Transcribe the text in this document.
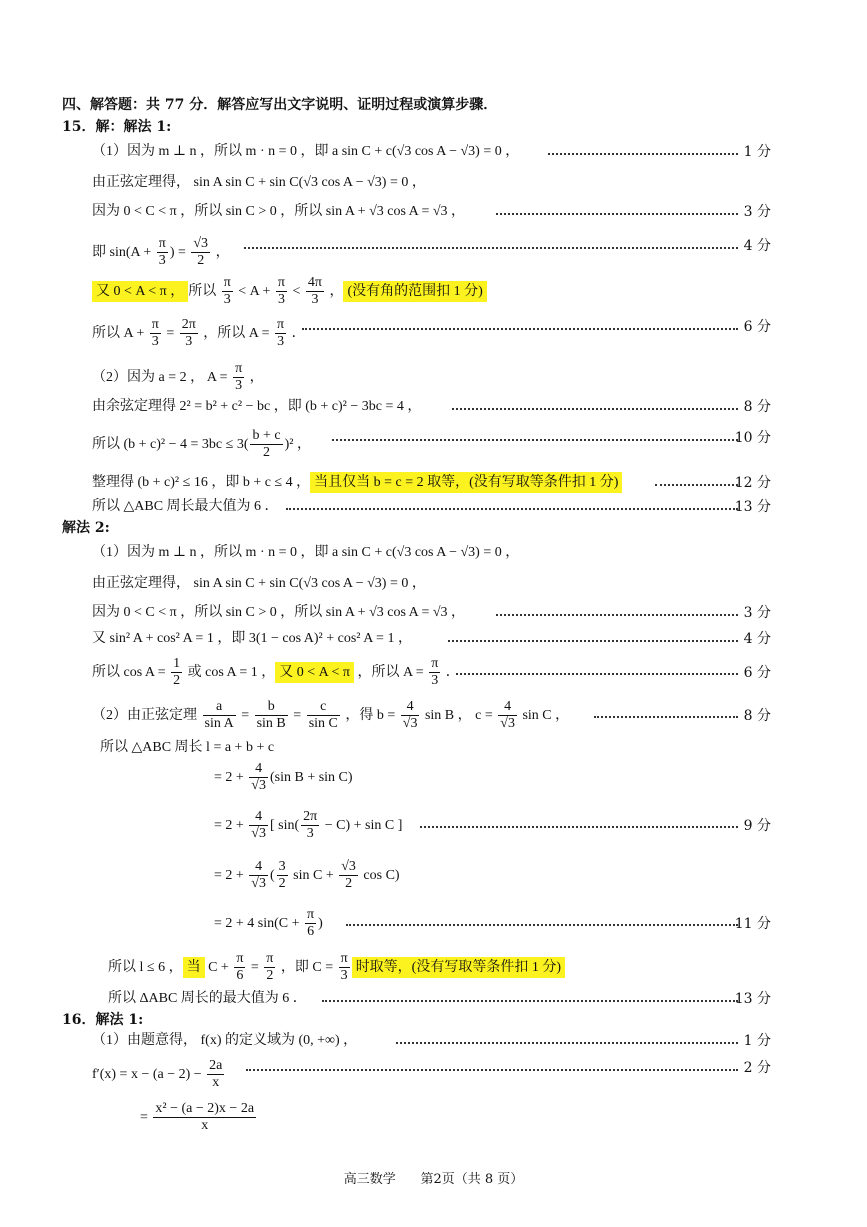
四、解答题：共 77 分．解答应写出文字说明、证明过程或演算步骤．
15．解：解法 1:
（1）因为 m ⊥ n ，所以 m · n = 0 ，即 a sin C + c(√3 cos A − √3) = 0 ，	1 分
由正弦定理得， sin A sin C + sin C(√3 cos A − √3) = 0 ，
因为 0 < C < π ，所以 sin C > 0 ，所以 sin A + √3 cos A = √3 ，	3 分
即 $\sin(A + \frac{\pi}{3}$ ) = $\frac{√3}{2}$ ，	4 分
又 0 < A < π ， 所以 $\frac{\pi}{3} < A + \frac{\pi}{3} < \frac{4\pi}{3}$ ， (没有角的范围扣 1 分)
所以 $A + \frac{\pi}{3} = \frac{2\pi}{3}$ ，所以 $A = \frac{\pi}{3}$ ．	6 分
（2）因为 a = 2 ， $A = \frac{\pi}{3}$ ，
由余弦定理得 2² = b² + c² − bc ，即 (b + c)² − 3bc = 4 ，	8 分
所以 $(b + c)^2 - 4 = 3bc \le 3( \frac{b + c}{2} )^2$ ，	10 分
整理得 (b + c)² ≤ 16 ，即 b + c ≤ 4 ， 当且仅当 b = c = 2 取等，(没有写取等条件扣 1 分)	12 分
所以 △ABC 周长最大值为 6 ．	13 分
解法 2:
（1）因为 m ⊥ n ，所以 m · n = 0 ，即 a sin C + c(√3 cos A − √3) = 0 ，
由正弦定理得， sin A sin C + sin C(√3 cos A − √3) = 0 ，
因为 0 < C < π ，所以 sin C > 0 ，所以 sin A + √3 cos A = √3 ，	3 分
又 sin² A + cos² A = 1 ，即 3(1 − cos A)² + cos² A = 1 ，	4 分
所以 $\cos A = \frac{1}{2}$ 或 cos A = 1 ， 又 0 < A < π ，所以 $A = \frac{\pi}{3}$ ．	6 分
（2）由正弦定理 $\frac{a}{\text{sin A}} = \frac{b}{\text{sin B}} = \frac{c}{\text{sin C}}$ ，得 $b = \frac{4}{√3}$ sin B ， $c = \frac{4}{√3}$ sin C ，	8 分
所以 △ABC 周长 l = a + b + c
= $2 + \frac{4}{√3} (\sin$ B + sin C)
= $2 + \frac{4}{√3}$ [ $\sin( \frac{2\pi}{3} - C) + \sin C$ ]	9 分
= $2 + \frac{4}{√3}$ ( $\frac{3}{2}$ $\sin C + \frac{√3}{2}$ cos C)
= 2 + 4 $\sin(C + \frac{\pi}{6}$ )	11 分
所以 l ≤ 6 ， 当 $C + \frac{\pi}{6} = \frac{\pi}{2}$ ，即 $C = \frac{\pi}{3}$ 时取等，(没有写取等条件扣 1 分)
所以 ΔABC 周长的最大值为 6 ．	13 分
16．解法 1:
（1）由题意得， f(x) 的定义域为 (0, +∞) ，	1 分
$f'(x) = x - (a - 2) - \frac{2a}{x}$	2 分
= $\frac{\text{x² − (a − 2)x − 2a}}{x}$
高三数学 第2页（共 8 页）
